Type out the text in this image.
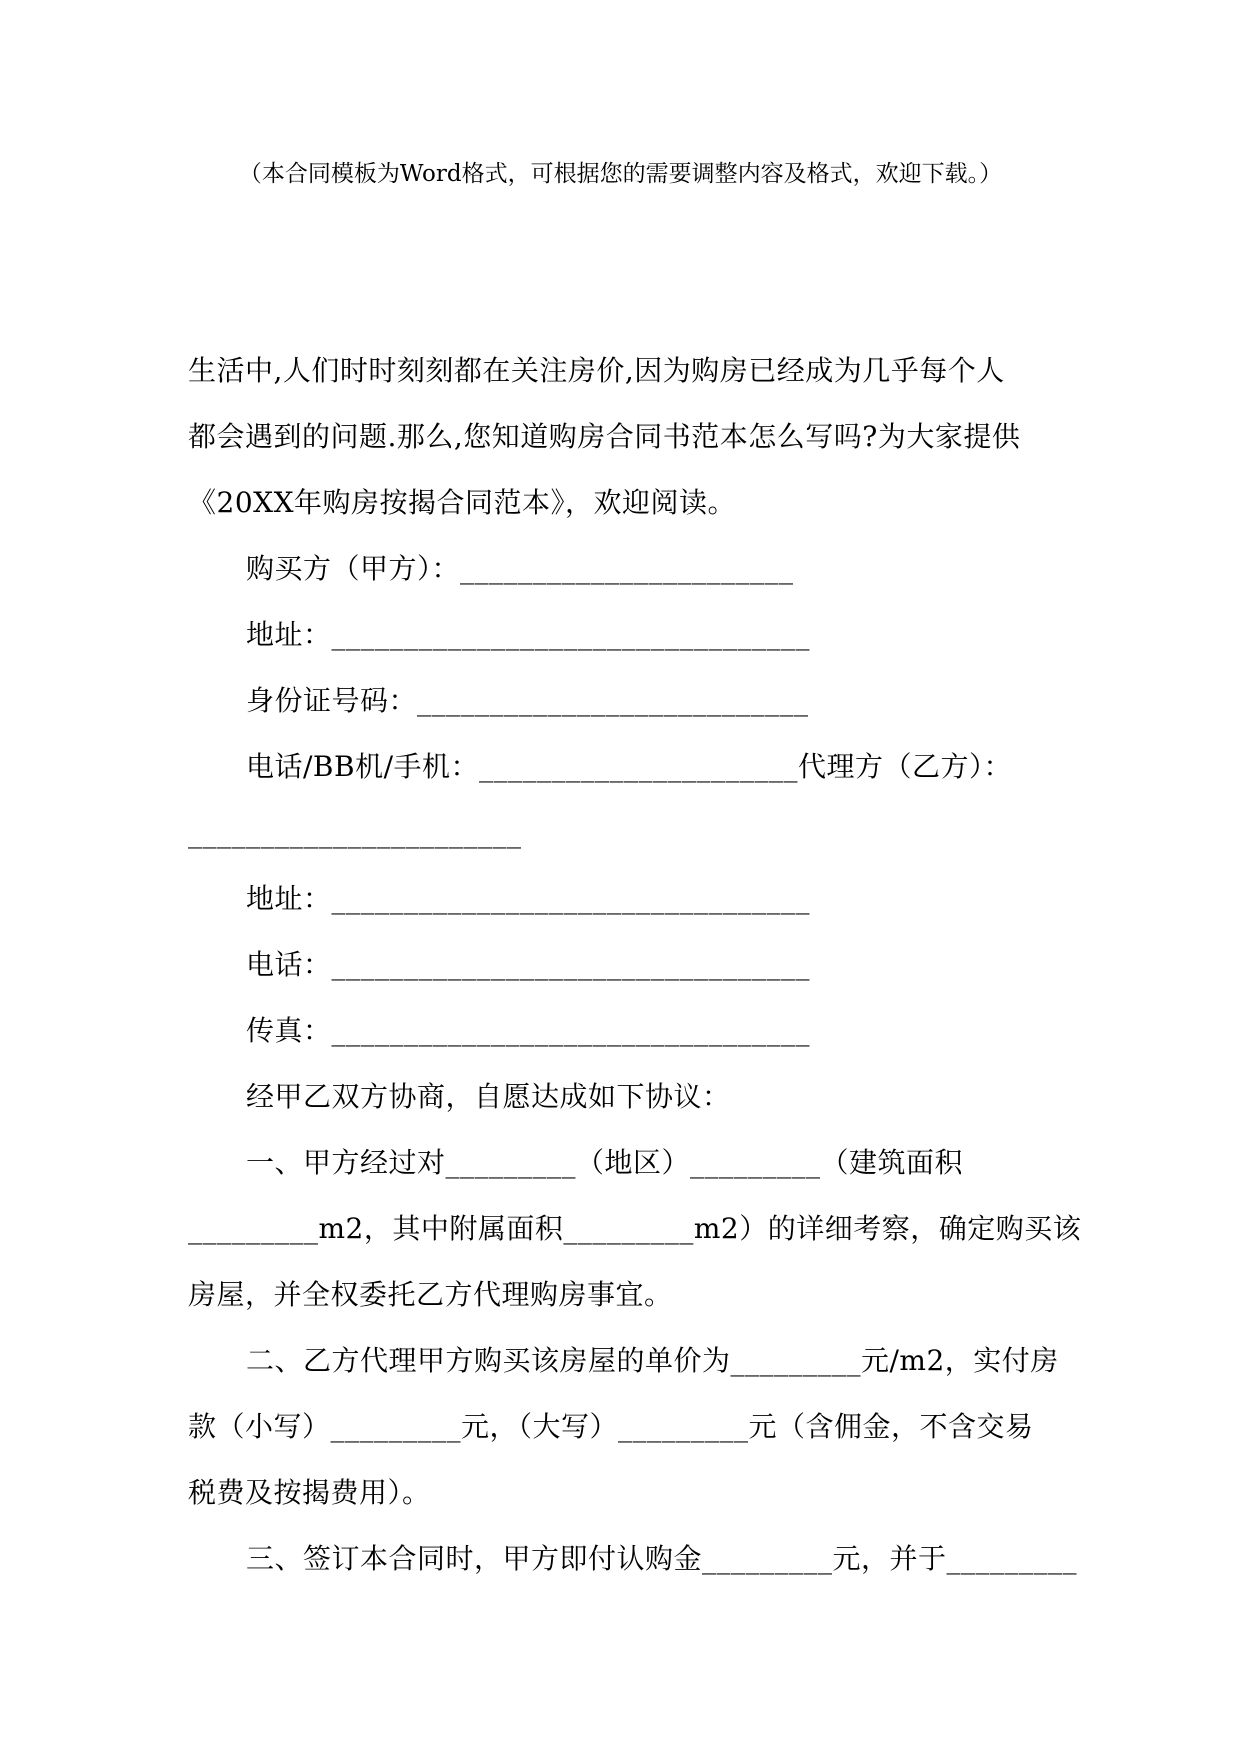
（本合同模板为Word格式，可根据您的需要调整内容及格式，欢迎下载。）
生活中,人们时时刻刻都在关注房价,因为购房已经成为几乎每个人
都会遇到的问题.那么,您知道购房合同书范本怎么写吗?为大家提供
《20XX年购房按揭合同范本》，欢迎阅读。
购买方（甲方）：_______________________
地址：_________________________________
身份证号码：___________________________
电话/BB机/手机：______________________代理方（乙方）：
_______________________
地址：_________________________________
电话：_________________________________
传真：_________________________________
经甲乙双方协商，自愿达成如下协议：
一、甲方经过对_________（地区）_________（建筑面积
_________m2，其中附属面积_________m2）的详细考察，确定购买该
房屋，并全权委托乙方代理购房事宜。
二、乙方代理甲方购买该房屋的单价为_________元/m2，实付房
款（小写）_________元，（大写）_________元（含佣金，不含交易
税费及按揭费用）。
三、签订本合同时，甲方即付认购金_________元，并于_________
